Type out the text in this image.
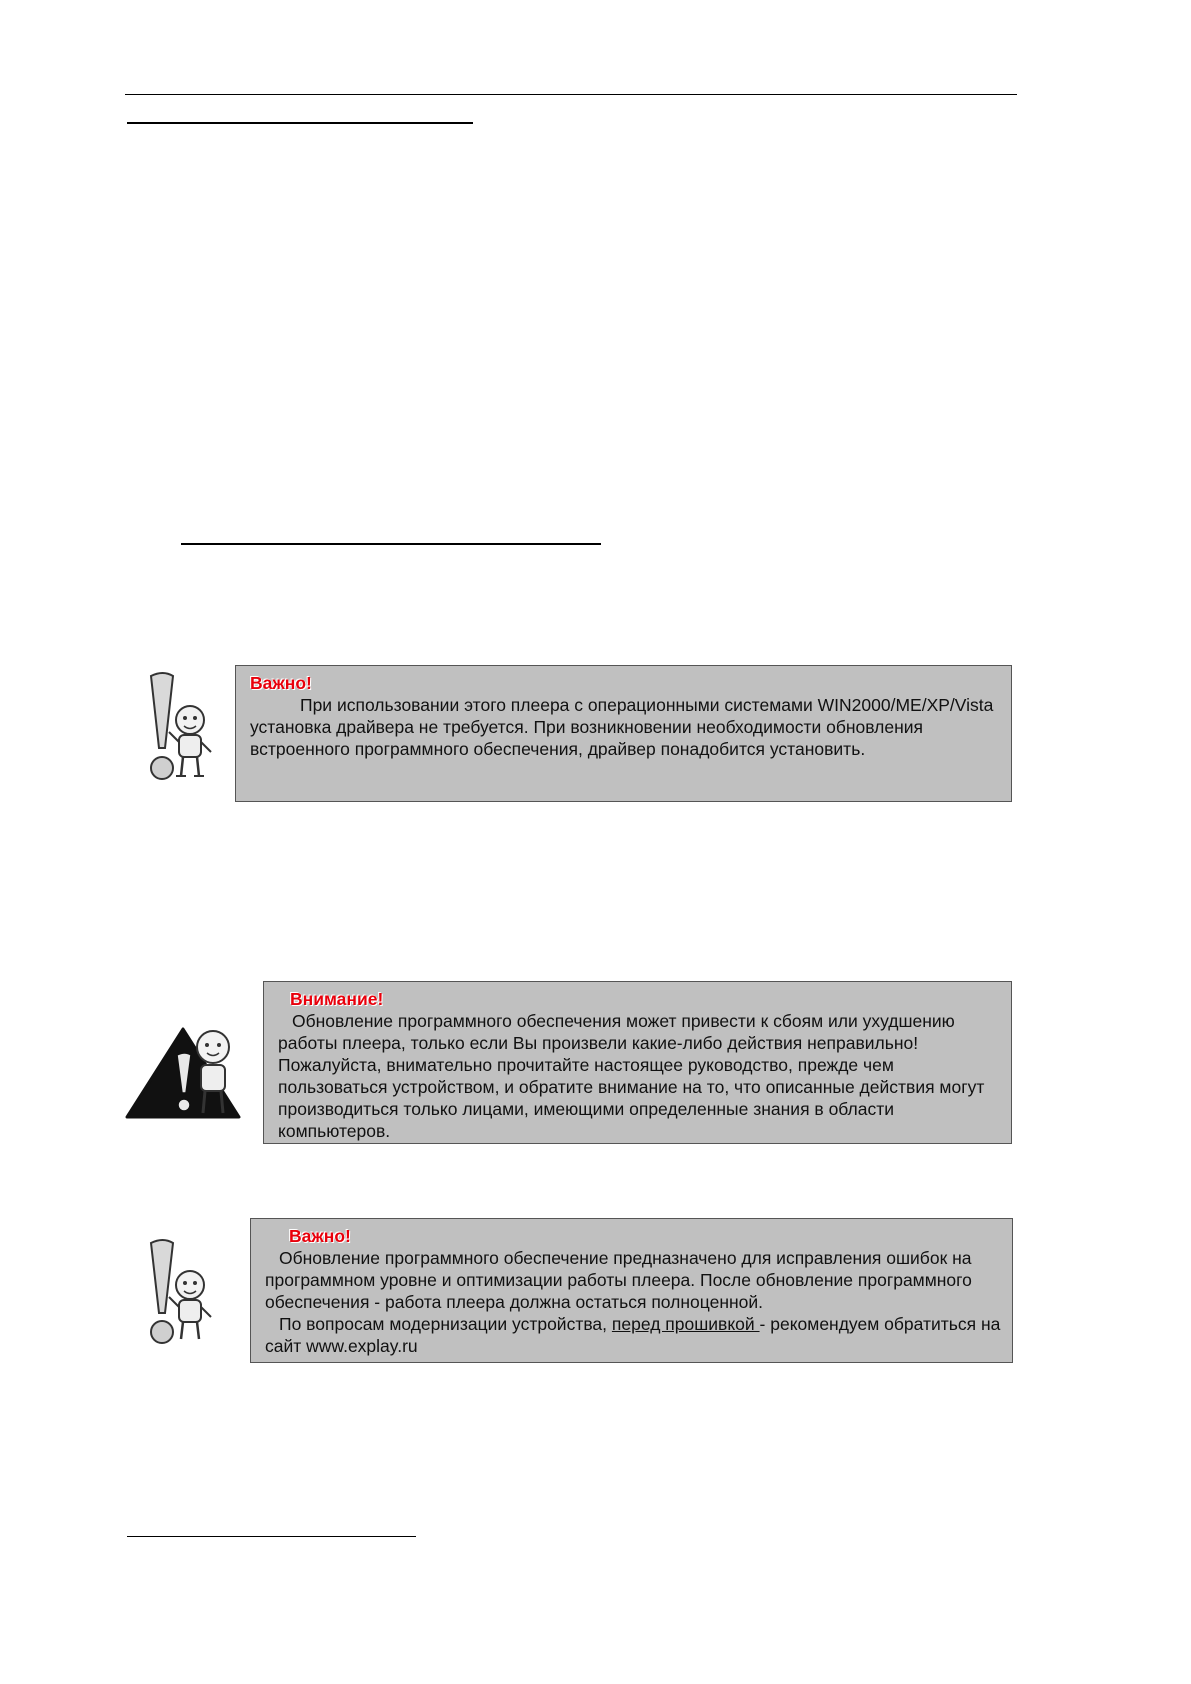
Важно!

При использовании этого плеера с операционными системами WIN2000/ME/XP/Vista установка драйвера не требуется. При возникновении необходимости обновления встроенного программного обеспечения, драйвер понадобится установить.

Внимание!

Обновление программного обеспечения может привести к сбоям или ухудшению работы плеера, только если Вы произвели какие-либо действия неправильно! Пожалуйста, внимательно прочитайте настоящее руководство, прежде чем пользоваться устройством, и обратите внимание на то, что описанные действия могут производиться только лицами, имеющими определенные знания в области компьютеров.

Важно!

Обновление программного обеспечение предназначено для исправления ошибок на программном уровне и оптимизации работы плеера. После обновление программного обеспечения - работа плеера должна остаться полноценной.

По вопросам модернизации устройства, перед прошивкой - рекомендуем обратиться на сайт www.explay.ru
